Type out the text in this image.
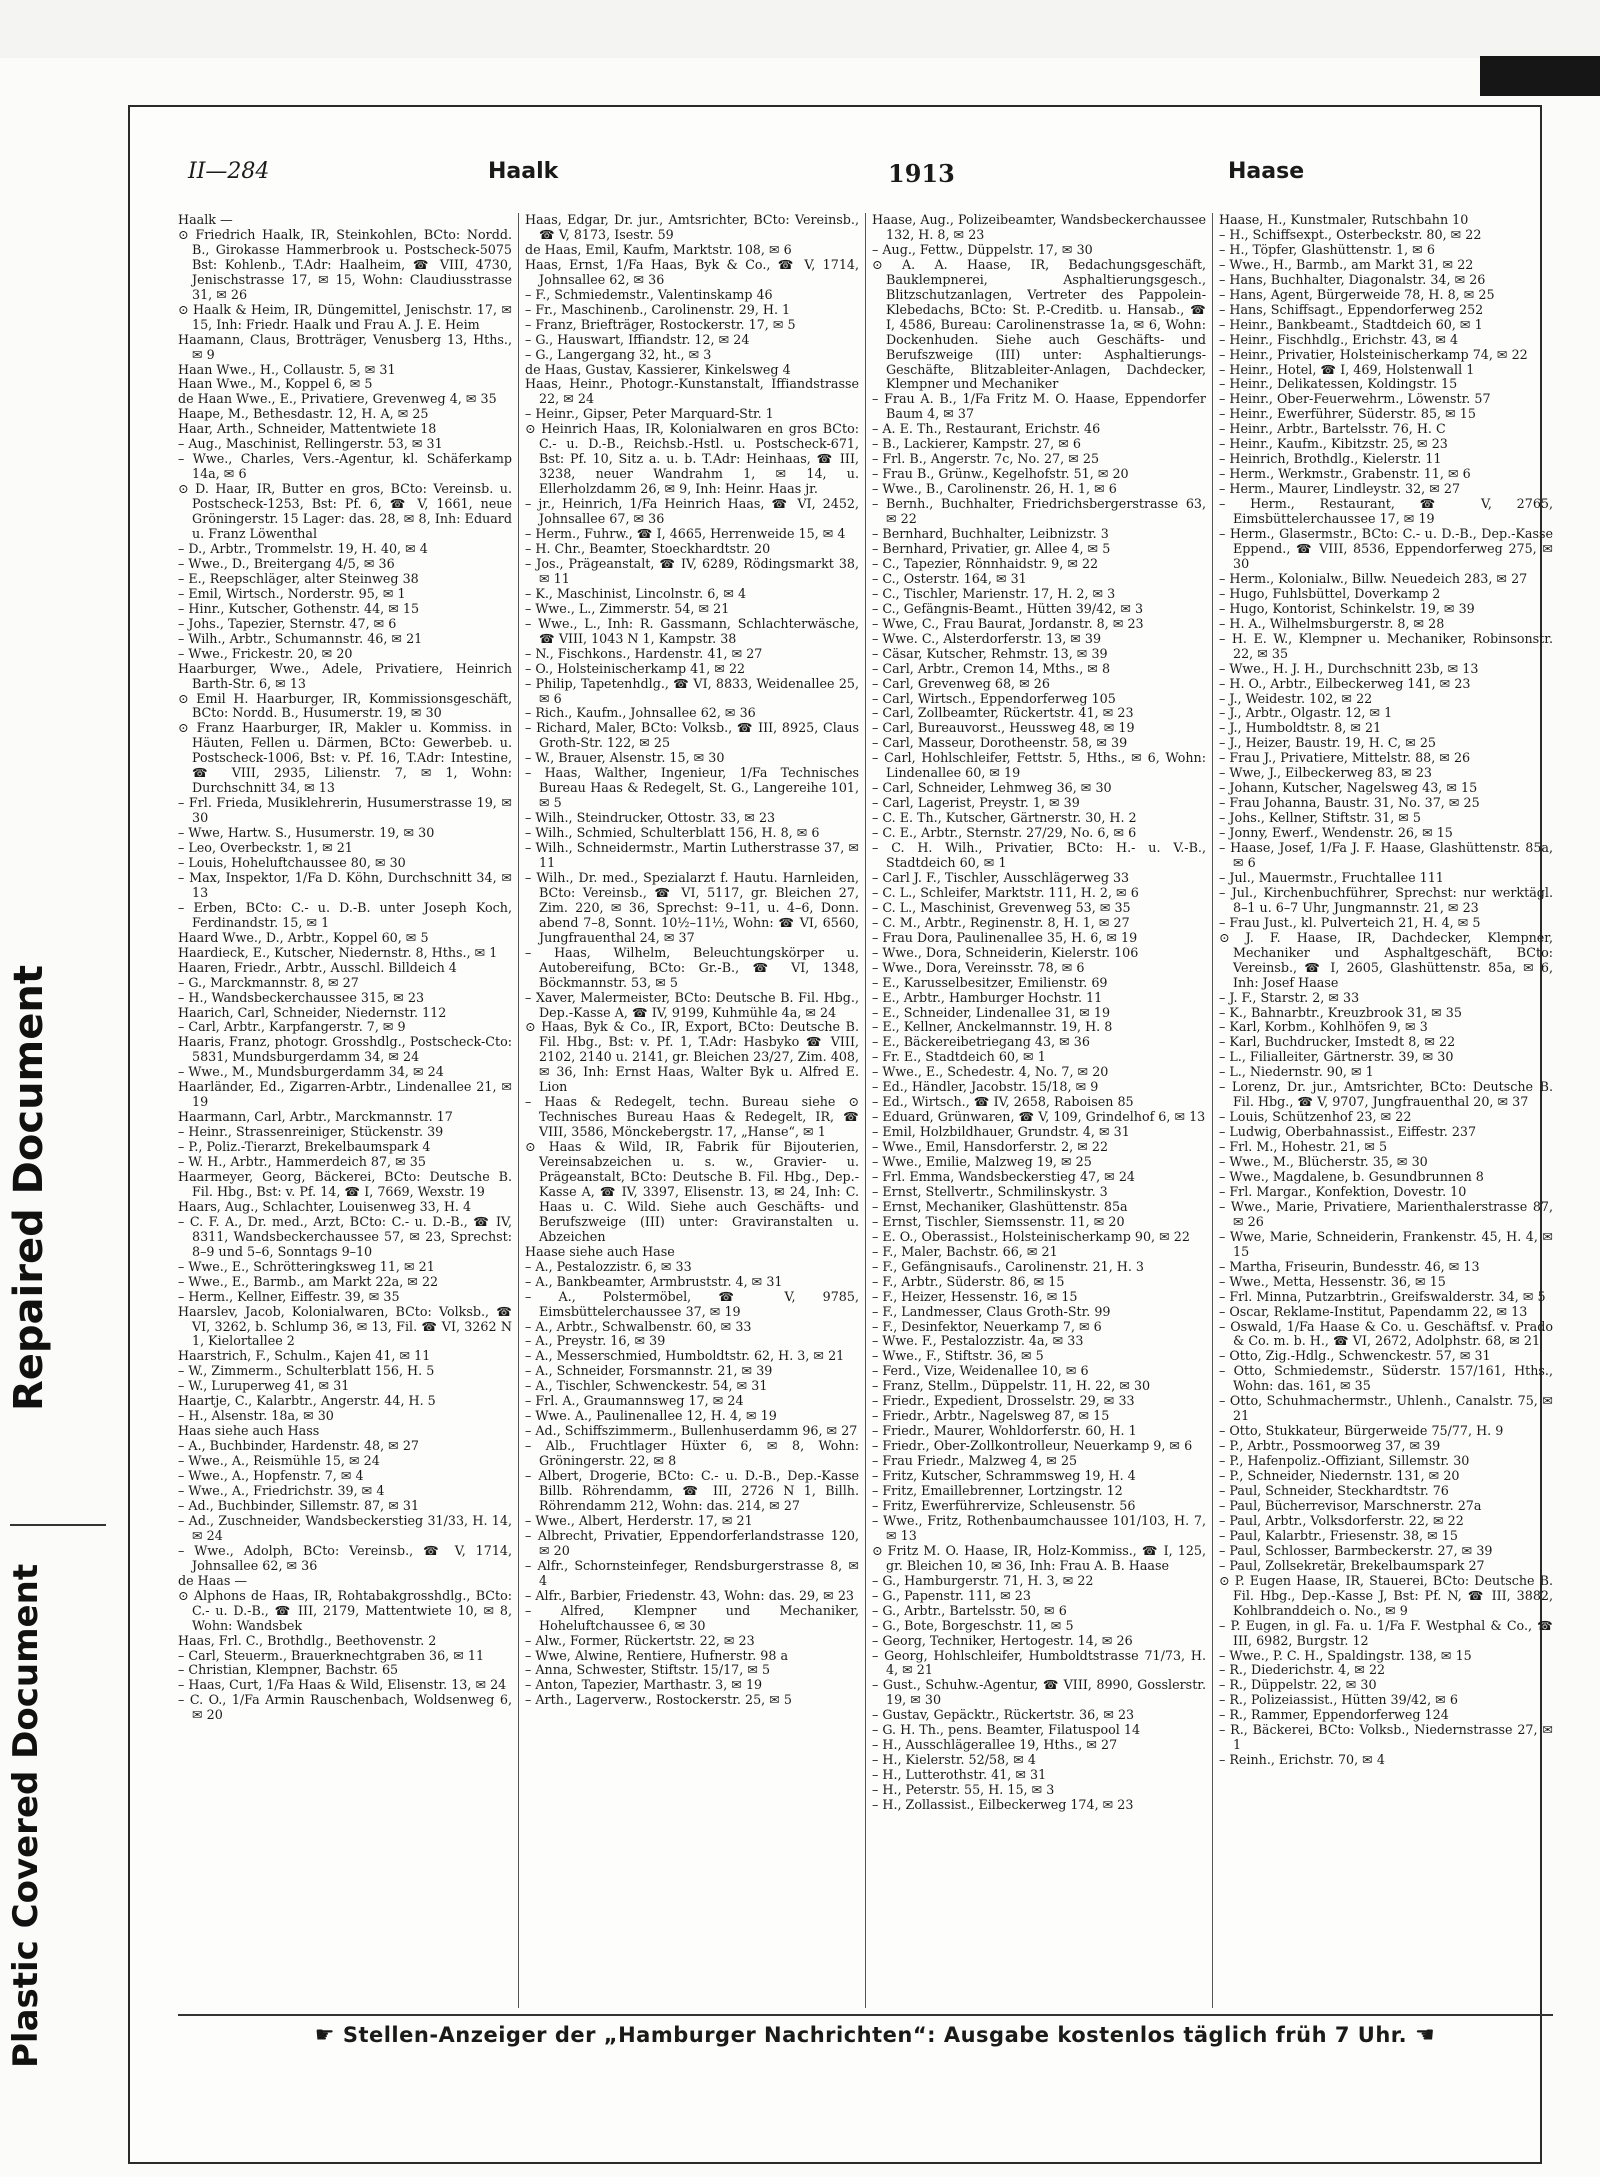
Repaired Document
Plastic Covered Document
II—284	Haalk	1913	Haase

Haalk —

⊙ Friedrich Haalk, IR, Steinkohlen, BCto: Nordd. B., Girokasse Hammerbrook u. Postscheck-5075 Bst: Kohlenb., T.Adr: Haalheim, ☎ VIII, 4730, Jenischstrasse 17, ✉ 15, Wohn: Claudiusstrasse 31, ✉ 26

⊙ Haalk & Heim, IR, Düngemittel, Jenischstr. 17, ✉ 15, Inh: Friedr. Haalk und Frau A. J. E. Heim

Haamann, Claus, Brotträger, Venusberg 13, Hths., ✉ 9

Haan Wwe., H., Collaustr. 5, ✉ 31

Haan Wwe., M., Koppel 6, ✉ 5

de Haan Wwe., E., Privatiere, Grevenweg 4, ✉ 35

Haape, M., Bethesdastr. 12, H. A, ✉ 25

Haar, Arth., Schneider, Mattentwiete 18

– Aug., Maschinist, Rellingerstr. 53, ✉ 31

– Wwe., Charles, Vers.-Agentur, kl. Schäferkamp 14a, ✉ 6

⊙ D. Haar, IR, Butter en gros, BCto: Vereinsb. u. Postscheck-1253, Bst: Pf. 6, ☎ V, 1661, neue Gröningerstr. 15 Lager: das. 28, ✉ 8, Inh: Eduard u. Franz Löwenthal

– D., Arbtr., Trommelstr. 19, H. 40, ✉ 4

– Wwe., D., Breitergang 4/5, ✉ 36

– E., Reepschläger, alter Steinweg 38

– Emil, Wirtsch., Norderstr. 95, ✉ 1

– Hinr., Kutscher, Gothenstr. 44, ✉ 15

– Johs., Tapezier, Sternstr. 47, ✉ 6

– Wilh., Arbtr., Schumannstr. 46, ✉ 21

– Wwe., Frickestr. 20, ✉ 20

Haarburger, Wwe., Adele, Privatiere, Heinrich Barth-Str. 6, ✉ 13

⊙ Emil H. Haarburger, IR, Kommissionsgeschäft, BCto: Nordd. B., Husumerstr. 19, ✉ 30

⊙ Franz Haarburger, IR, Makler u. Kommiss. in Häuten, Fellen u. Därmen, BCto: Gewerbeb. u. Postscheck-1006, Bst: v. Pf. 16, T.Adr: Intestine, ☎ VIII, 2935, Lilienstr. 7, ✉ 1, Wohn: Durchschnitt 34, ✉ 13

– Frl. Frieda, Musiklehrerin, Husumerstrasse 19, ✉ 30

– Wwe, Hartw. S., Husumerstr. 19, ✉ 30

– Leo, Overbeckstr. 1, ✉ 21

– Louis, Hoheluftchaussee 80, ✉ 30

– Max, Inspektor, 1/Fa D. Köhn, Durchschnitt 34, ✉ 13

– Erben, BCto: C.- u. D.-B. unter Joseph Koch, Ferdinandstr. 15, ✉ 1

Haard Wwe., D., Arbtr., Koppel 60, ✉ 5

Haardieck, E., Kutscher, Niedernstr. 8, Hths., ✉ 1

Haaren, Friedr., Arbtr., Ausschl. Billdeich 4

– G., Marckmannstr. 8, ✉ 27

– H., Wandsbeckerchaussee 315, ✉ 23

Haarich, Carl, Schneider, Niedernstr. 112

– Carl, Arbtr., Karpfangerstr. 7, ✉ 9

Haaris, Franz, photogr. Grosshdlg., Postscheck-Cto: 5831, Mundsburgerdamm 34, ✉ 24

– Wwe., M., Mundsburgerdamm 34, ✉ 24

Haarländer, Ed., Zigarren-Arbtr., Lindenallee 21, ✉ 19

Haarmann, Carl, Arbtr., Marckmannstr. 17

– Heinr., Strassenreiniger, Stückenstr. 39

– P., Poliz.-Tierarzt, Brekelbaumspark 4

– W. H., Arbtr., Hammerdeich 87, ✉ 35

Haarmeyer, Georg, Bäckerei, BCto: Deutsche B. Fil. Hbg., Bst: v. Pf. 14, ☎ I, 7669, Wexstr. 19

Haars, Aug., Schlachter, Louisenweg 33, H. 4

– C. F. A., Dr. med., Arzt, BCto: C.- u. D.-B., ☎ IV, 8311, Wandsbeckerchaussee 57, ✉ 23, Sprechst: 8–9 und 5–6, Sonntags 9–10

– Wwe., E., Schrötteringksweg 11, ✉ 21

– Wwe., E., Barmb., am Markt 22a, ✉ 22

– Herm., Kellner, Eiffestr. 39, ✉ 35

Haarslev, Jacob, Kolonialwaren, BCto: Volksb., ☎ VI, 3262, b. Schlump 36, ✉ 13, Fil. ☎ VI, 3262 N 1, Kielortallee 2

Haarstrich, F., Schulm., Kajen 41, ✉ 11

– W., Zimmerm., Schulterblatt 156, H. 5

– W., Luruperweg 41, ✉ 31

Haartje, C., Kalarbtr., Angerstr. 44, H. 5

– H., Alsenstr. 18a, ✉ 30

Haas siehe auch Hass

– A., Buchbinder, Hardenstr. 48, ✉ 27

– Wwe., A., Reismühle 15, ✉ 24

– Wwe., A., Hopfenstr. 7, ✉ 4

– Wwe., A., Friedrichstr. 39, ✉ 4

– Ad., Buchbinder, Sillemstr. 87, ✉ 31

– Ad., Zuschneider, Wandsbeckerstieg 31/33, H. 14, ✉ 24

– Wwe., Adolph, BCto: Vereinsb., ☎ V, 1714, Johnsallee 62, ✉ 36

de Haas —

⊙ Alphons de Haas, IR, Rohtabakgrosshdlg., BCto: C.- u. D.-B., ☎ III, 2179, Mattentwiete 10, ✉ 8, Wohn: Wandsbek

Haas, Frl. C., Brothdlg., Beethovenstr. 2

– Carl, Steuerm., Brauerknechtgraben 36, ✉ 11

– Christian, Klempner, Bachstr. 65

– Haas, Curt, 1/Fa Haas & Wild, Elisenstr. 13, ✉ 24

– C. O., 1/Fa Armin Rauschenbach, Woldsenweg 6, ✉ 20

Haas, Edgar, Dr. jur., Amtsrichter, BCto: Vereinsb., ☎ V, 8173, Isestr. 59

de Haas, Emil, Kaufm, Marktstr. 108, ✉ 6

Haas, Ernst, 1/Fa Haas, Byk & Co., ☎ V, 1714, Johnsallee 62, ✉ 36

– F., Schmiedemstr., Valentinskamp 46

– Fr., Maschinenb., Carolinenstr. 29, H. 1

– Franz, Briefträger, Rostockerstr. 17, ✉ 5

– G., Hauswart, Iffiandstr. 12, ✉ 24

– G., Langergang 32, ht., ✉ 3

de Haas, Gustav, Kassierer, Kinkelsweg 4

Haas, Heinr., Photogr.-Kunstanstalt, Iffiandstrasse 22, ✉ 24

– Heinr., Gipser, Peter Marquard-Str. 1

⊙ Heinrich Haas, IR, Kolonialwaren en gros BCto: C.- u. D.-B., Reichsb.-Hstl. u. Postscheck-671, Bst: Pf. 10, Sitz a. u. b. T.Adr: Heinhaas, ☎ III, 3238, neuer Wandrahm 1, ✉ 14, u. Ellerholzdamm 26, ✉ 9, Inh: Heinr. Haas jr.

– jr., Heinrich, 1/Fa Heinrich Haas, ☎ VI, 2452, Johnsallee 67, ✉ 36

– Herm., Fuhrw., ☎ I, 4665, Herrenweide 15, ✉ 4

– H. Chr., Beamter, Stoeckhardtstr. 20

– Jos., Prägeanstalt, ☎ IV, 6289, Rödingsmarkt 38, ✉ 11

– K., Maschinist, Lincolnstr. 6, ✉ 4

– Wwe., L., Zimmerstr. 54, ✉ 21

– Wwe., L., Inh: R. Gassmann, Schlachterwäsche, ☎ VIII, 1043 N 1, Kampstr. 38

– N., Fischkons., Hardenstr. 41, ✉ 27

– O., Holsteinischerkamp 41, ✉ 22

– Philip, Tapetenhdlg., ☎ VI, 8833, Weidenallee 25, ✉ 6

– Rich., Kaufm., Johnsallee 62, ✉ 36

– Richard, Maler, BCto: Volksb., ☎ III, 8925, Claus Groth-Str. 122, ✉ 25

– W., Brauer, Alsenstr. 15, ✉ 30

– Haas, Walther, Ingenieur, 1/Fa Technisches Bureau Haas & Redegelt, St. G., Langereihe 101, ✉ 5

– Wilh., Steindrucker, Ottostr. 33, ✉ 23

– Wilh., Schmied, Schulterblatt 156, H. 8, ✉ 6

– Wilh., Schneidermstr., Martin Lutherstrasse 37, ✉ 11

– Wilh., Dr. med., Spezialarzt f. Hautu. Harnleiden, BCto: Vereinsb., ☎ VI, 5117, gr. Bleichen 27, Zim. 220, ✉ 36, Sprechst: 9–11, u. 4–6, Donn. abend 7–8, Sonnt. 10½–11½, Wohn: ☎ VI, 6560, Jungfrauenthal 24, ✉ 37

– Haas, Wilhelm, Beleuchtungskörper u. Autobereifung, BCto: Gr.-B., ☎ VI, 1348, Böckmannstr. 53, ✉ 5

– Xaver, Malermeister, BCto: Deutsche B. Fil. Hbg., Dep.-Kasse A, ☎ IV, 9199, Kuhmühle 4a, ✉ 24

⊙ Haas, Byk & Co., IR, Export, BCto: Deutsche B. Fil. Hbg., Bst: v. Pf. 1, T.Adr: Hasbyko ☎ VIII, 2102, 2140 u. 2141, gr. Bleichen 23/27, Zim. 408, ✉ 36, Inh: Ernst Haas, Walter Byk u. Alfred E. Lion

– Haas & Redegelt, techn. Bureau siehe ⊙ Technisches Bureau Haas & Redegelt, IR, ☎ VIII, 3586, Mönckebergstr. 17, „Hanse“, ✉ 1

⊙ Haas & Wild, IR, Fabrik für Bijouterien, Vereinsabzeichen u. s. w., Gravier- u. Prägeanstalt, BCto: Deutsche B. Fil. Hbg., Dep.-Kasse A, ☎ IV, 3397, Elisenstr. 13, ✉ 24, Inh: C. Haas u. C. Wild. Siehe auch Geschäfts- und Berufszweige (III) unter: Graviranstalten u. Abzeichen

Haase siehe auch Hase

– A., Pestalozzistr. 6, ✉ 33

– A., Bankbeamter, Armbruststr. 4, ✉ 31

– A., Polstermöbel, ☎ V, 9785, Eimsbüttelerchaussee 37, ✉ 19

– A., Arbtr., Schwalbenstr. 60, ✉ 33

– A., Preystr. 16, ✉ 39

– A., Messerschmied, Humboldtstr. 62, H. 3, ✉ 21

– A., Schneider, Forsmannstr. 21, ✉ 39

– A., Tischler, Schwenckestr. 54, ✉ 31

– Frl. A., Graumannsweg 17, ✉ 24

– Wwe. A., Paulinenallee 12, H. 4, ✉ 19

– Ad., Schiffszimmerm., Bullenhuserdamm 96, ✉ 27

– Alb., Fruchtlager Hüxter 6, ✉ 8, Wohn: Gröningerstr. 22, ✉ 8

– Albert, Drogerie, BCto: C.- u. D.-B., Dep.-Kasse Billb. Röhrendamm, ☎ III, 2726 N 1, Billh. Röhrendamm 212, Wohn: das. 214, ✉ 27

– Wwe., Albert, Herderstr. 17, ✉ 21

– Albrecht, Privatier, Eppendorferlandstrasse 120, ✉ 20

– Alfr., Schornsteinfeger, Rendsburgerstrasse 8, ✉ 4

– Alfr., Barbier, Friedenstr. 43, Wohn: das. 29, ✉ 23

– Alfred, Klempner und Mechaniker, Hoheluftchaussee 6, ✉ 30

– Alw., Former, Rückertstr. 22, ✉ 23

– Wwe, Alwine, Rentiere, Hufnerstr. 98 a

– Anna, Schwester, Stiftstr. 15/17, ✉ 5

– Anton, Tapezier, Marthastr. 3, ✉ 19

– Arth., Lagerverw., Rostockerstr. 25, ✉ 5

Haase, Aug., Polizeibeamter, Wandsbeckerchaussee 132, H. 8, ✉ 23

– Aug., Fettw., Düppelstr. 17, ✉ 30

⊙ A. A. Haase, IR, Bedachungsgeschäft, Bauklempnerei, Asphaltierungsgesch., Blitzschutzanlagen, Vertreter des Pappolein-Klebedachs, BCto: St. P.-Creditb. u. Hansab., ☎ I, 4586, Bureau: Carolinenstrasse 1a, ✉ 6, Wohn: Dockenhuden. Siehe auch Geschäfts- und Berufszweige (III) unter: Asphaltierungs-Geschäfte, Blitzableiter-Anlagen, Dachdecker, Klempner und Mechaniker

– Frau A. B., 1/Fa Fritz M. O. Haase, Eppendorfer Baum 4, ✉ 37

– A. E. Th., Restaurant, Erichstr. 46

– B., Lackierer, Kampstr. 27, ✉ 6

– Frl. B., Angerstr. 7c, No. 27, ✉ 25

– Frau B., Grünw., Kegelhofstr. 51, ✉ 20

– Wwe., B., Carolinenstr. 26, H. 1, ✉ 6

– Bernh., Buchhalter, Friedrichsbergerstrasse 63, ✉ 22

– Bernhard, Buchhalter, Leibnizstr. 3

– Bernhard, Privatier, gr. Allee 4, ✉ 5

– C., Tapezier, Rönnhaidstr. 9, ✉ 22

– C., Osterstr. 164, ✉ 31

– C., Tischler, Marienstr. 17, H. 2, ✉ 3

– C., Gefängnis-Beamt., Hütten 39/42, ✉ 3

– Wwe, C., Frau Baurat, Jordanstr. 8, ✉ 23

– Wwe. C., Alsterdorferstr. 13, ✉ 39

– Cäsar, Kutscher, Rehmstr. 13, ✉ 39

– Carl, Arbtr., Cremon 14, Mths., ✉ 8

– Carl, Grevenweg 68, ✉ 26

– Carl, Wirtsch., Eppendorferweg 105

– Carl, Zollbeamter, Rückertstr. 41, ✉ 23

– Carl, Bureauvorst., Heussweg 48, ✉ 19

– Carl, Masseur, Dorotheenstr. 58, ✉ 39

– Carl, Hohlschleifer, Fettstr. 5, Hths., ✉ 6, Wohn: Lindenallee 60, ✉ 19

– Carl, Schneider, Lehmweg 36, ✉ 30

– Carl, Lagerist, Preystr. 1, ✉ 39

– C. E. Th., Kutscher, Gärtnerstr. 30, H. 2

– C. E., Arbtr., Sternstr. 27/29, No. 6, ✉ 6

– C. H. Wilh., Privatier, BCto: H.- u. V.-B., Stadtdeich 60, ✉ 1

– Carl J. F., Tischler, Ausschlägerweg 33

– C. L., Schleifer, Marktstr. 111, H. 2, ✉ 6

– C. L., Maschinist, Grevenweg 53, ✉ 35

– C. M., Arbtr., Reginenstr. 8, H. 1, ✉ 27

– Frau Dora, Paulinenallee 35, H. 6, ✉ 19

– Wwe., Dora, Schneiderin, Kielerstr. 106

– Wwe., Dora, Vereinsstr. 78, ✉ 6

– E., Karusselbesitzer, Emilienstr. 69

– E., Arbtr., Hamburger Hochstr. 11

– E., Schneider, Lindenallee 31, ✉ 19

– E., Kellner, Anckelmannstr. 19, H. 8

– E., Bäckereibetriegang 43, ✉ 36

– Fr. E., Stadtdeich 60, ✉ 1

– Wwe., E., Schedestr. 4, No. 7, ✉ 20

– Ed., Händler, Jacobstr. 15/18, ✉ 9

– Ed., Wirtsch., ☎ IV, 2658, Raboisen 85

– Eduard, Grünwaren, ☎ V, 109, Grindelhof 6, ✉ 13

– Emil, Holzbildhauer, Grundstr. 4, ✉ 31

– Wwe., Emil, Hansdorferstr. 2, ✉ 22

– Wwe., Emilie, Malzweg 19, ✉ 25

– Frl. Emma, Wandsbeckerstieg 47, ✉ 24

– Ernst, Stellvertr., Schmilinskystr. 3

– Ernst, Mechaniker, Glashüttenstr. 85a

– Ernst, Tischler, Siemssenstr. 11, ✉ 20

– E. O., Oberassist., Holsteinischerkamp 90, ✉ 22

– F., Maler, Bachstr. 66, ✉ 21

– F., Gefängnisaufs., Carolinenstr. 21, H. 3

– F., Arbtr., Süderstr. 86, ✉ 15

– F., Heizer, Hessenstr. 16, ✉ 15

– F., Landmesser, Claus Groth-Str. 99

– F., Desinfektor, Neuerkamp 7, ✉ 6

– Wwe. F., Pestalozzistr. 4a, ✉ 33

– Wwe., F., Stiftstr. 36, ✉ 5

– Ferd., Vize, Weidenallee 10, ✉ 6

– Franz, Stellm., Düppelstr. 11, H. 22, ✉ 30

– Friedr., Expedient, Drosselstr. 29, ✉ 33

– Friedr., Arbtr., Nagelsweg 87, ✉ 15

– Friedr., Maurer, Wohldorferstr. 60, H. 1

– Friedr., Ober-Zollkontrolleur, Neuerkamp 9, ✉ 6

– Frau Friedr., Malzweg 4, ✉ 25

– Fritz, Kutscher, Schrammsweg 19, H. 4

– Fritz, Emaillebrenner, Lortzingstr. 12

– Fritz, Ewerführervize, Schleusenstr. 56

– Wwe., Fritz, Rothenbaumchaussee 101/103, H. 7, ✉ 13

⊙ Fritz M. O. Haase, IR, Holz-Kommiss., ☎ I, 125, gr. Bleichen 10, ✉ 36, Inh: Frau A. B. Haase

– G., Hamburgerstr. 71, H. 3, ✉ 22

– G., Papenstr. 111, ✉ 23

– G., Arbtr., Bartelsstr. 50, ✉ 6

– G., Bote, Borgeschstr. 11, ✉ 5

– Georg, Techniker, Hertogestr. 14, ✉ 26

– Georg, Hohlschleifer, Humboldtstrasse 71/73, H. 4, ✉ 21

– Gust., Schuhw.-Agentur, ☎ VIII, 8990, Gosslerstr. 19, ✉ 30

– Gustav, Gepäcktr., Rückertstr. 36, ✉ 23

– G. H. Th., pens. Beamter, Filatuspool 14

– H., Ausschlägerallee 19, Hths., ✉ 27

– H., Kielerstr. 52/58, ✉ 4

– H., Lutterothstr. 41, ✉ 31

– H., Peterstr. 55, H. 15, ✉ 3

– H., Zollassist., Eilbeckerweg 174, ✉ 23

Haase, H., Kunstmaler, Rutschbahn 10

– H., Schiffsexpt., Osterbeckstr. 80, ✉ 22

– H., Töpfer, Glashüttenstr. 1, ✉ 6

– Wwe., H., Barmb., am Markt 31, ✉ 22

– Hans, Buchhalter, Diagonalstr. 34, ✉ 26

– Hans, Agent, Bürgerweide 78, H. 8, ✉ 25

– Hans, Schiffsagt., Eppendorferweg 252

– Heinr., Bankbeamt., Stadtdeich 60, ✉ 1

– Heinr., Fischhdlg., Erichstr. 43, ✉ 4

– Heinr., Privatier, Holsteinischerkamp 74, ✉ 22

– Heinr., Hotel, ☎ I, 469, Holstenwall 1

– Heinr., Delikatessen, Koldingstr. 15

– Heinr., Ober-Feuerwehrm., Löwenstr. 57

– Heinr., Ewerführer, Süderstr. 85, ✉ 15

– Heinr., Arbtr., Bartelsstr. 76, H. C

– Heinr., Kaufm., Kibitzstr. 25, ✉ 23

– Heinrich, Brothdlg., Kielerstr. 11

– Herm., Werkmstr., Grabenstr. 11, ✉ 6

– Herm., Maurer, Lindleystr. 32, ✉ 27

– Herm., Restaurant, ☎ V, 2765, Eimsbüttelerchaussee 17, ✉ 19

– Herm., Glasermstr., BCto: C.- u. D.-B., Dep.-Kasse Eppend., ☎ VIII, 8536, Eppendorferweg 275, ✉ 30

– Herm., Kolonialw., Billw. Neuedeich 283, ✉ 27

– Hugo, Fuhlsbüttel, Doverkamp 2

– Hugo, Kontorist, Schinkelstr. 19, ✉ 39

– H. A., Wilhelmsburgerstr. 8, ✉ 28

– H. E. W., Klempner u. Mechaniker, Robinsonstr. 22, ✉ 35

– Wwe., H. J. H., Durchschnitt 23b, ✉ 13

– H. O., Arbtr., Eilbeckerweg 141, ✉ 23

– J., Weidestr. 102, ✉ 22

– J., Arbtr., Olgastr. 12, ✉ 1

– J., Humboldtstr. 8, ✉ 21

– J., Heizer, Baustr. 19, H. C, ✉ 25

– Frau J., Privatiere, Mittelstr. 88, ✉ 26

– Wwe, J., Eilbeckerweg 83, ✉ 23

– Johann, Kutscher, Nagelsweg 43, ✉ 15

– Frau Johanna, Baustr. 31, No. 37, ✉ 25

– Johs., Kellner, Stiftstr. 31, ✉ 5

– Jonny, Ewerf., Wendenstr. 26, ✉ 15

– Haase, Josef, 1/Fa J. F. Haase, Glashüttenstr. 85a, ✉ 6

– Jul., Mauermstr., Fruchtallee 111

– Jul., Kirchenbuchführer, Sprechst: nur werktägl. 8–1 u. 6–7 Uhr, Jungmannstr. 21, ✉ 23

– Frau Just., kl. Pulverteich 21, H. 4, ✉ 5

⊙ J. F. Haase, IR, Dachdecker, Klempner, Mechaniker und Asphaltgeschäft, BCto: Vereinsb., ☎ I, 2605, Glashüttenstr. 85a, ✉ 6, Inh: Josef Haase

– J. F., Starstr. 2, ✉ 33

– K., Bahnarbtr., Kreuzbrook 31, ✉ 35

– Karl, Korbm., Kohlhöfen 9, ✉ 3

– Karl, Buchdrucker, Imstedt 8, ✉ 22

– L., Filialleiter, Gärtnerstr. 39, ✉ 30

– L., Niedernstr. 90, ✉ 1

– Lorenz, Dr. jur., Amtsrichter, BCto: Deutsche B. Fil. Hbg., ☎ V, 9707, Jungfrauenthal 20, ✉ 37

– Louis, Schützenhof 23, ✉ 22

– Ludwig, Oberbahnassist., Eiffestr. 237

– Frl. M., Hohestr. 21, ✉ 5

– Wwe., M., Blücherstr. 35, ✉ 30

– Wwe., Magdalene, b. Gesundbrunnen 8

– Frl. Margar., Konfektion, Dovestr. 10

– Wwe., Marie, Privatiere, Marienthalerstrasse 87, ✉ 26

– Wwe, Marie, Schneiderin, Frankenstr. 45, H. 4, ✉ 15

– Martha, Friseurin, Bundesstr. 46, ✉ 13

– Wwe., Metta, Hessenstr. 36, ✉ 15

– Frl. Minna, Putzarbtrin., Greifswalderstr. 34, ✉ 5

– Oscar, Reklame-Institut, Papendamm 22, ✉ 13

– Oswald, 1/Fa Haase & Co. u. Geschäftsf. v. Prado & Co. m. b. H., ☎ VI, 2672, Adolphstr. 68, ✉ 21

– Otto, Zig.-Hdlg., Schwenckestr. 57, ✉ 31

– Otto, Schmiedemstr., Süderstr. 157/161, Hths., Wohn: das. 161, ✉ 35

– Otto, Schuhmachermstr., Uhlenh., Canalstr. 75, ✉ 21

– Otto, Stukkateur, Bürgerweide 75/77, H. 9

– P., Arbtr., Possmoorweg 37, ✉ 39

– P., Hafenpoliz.-Offiziant, Sillemstr. 30

– P., Schneider, Niedernstr. 131, ✉ 20

– Paul, Schneider, Steckhardtstr. 76

– Paul, Bücherrevisor, Marschnerstr. 27a

– Paul, Arbtr., Volksdorferstr. 22, ✉ 22

– Paul, Kalarbtr., Friesenstr. 38, ✉ 15

– Paul, Schlosser, Barmbeckerstr. 27, ✉ 39

– Paul, Zollsekretär, Brekelbaumspark 27

⊙ P. Eugen Haase, IR, Stauerei, BCto: Deutsche B. Fil. Hbg., Dep.-Kasse J, Bst: Pf. N, ☎ III, 3882, Kohlbranddeich o. No., ✉ 9

– P. Eugen, in gl. Fa. u. 1/Fa F. Westphal & Co., ☎ III, 6982, Burgstr. 12

– Wwe., P. C. H., Spaldingstr. 138, ✉ 15

– R., Diederichstr. 4, ✉ 22

– R., Düppelstr. 22, ✉ 30

– R., Polizeiassist., Hütten 39/42, ✉ 6

– R., Rammer, Eppendorferweg 124

– R., Bäckerei, BCto: Volksb., Niedernstrasse 27, ✉ 1

– Reinh., Erichstr. 70, ✉ 4

☛ Stellen-Anzeiger der „Hamburger Nachrichten“: Ausgabe kostenlos täglich früh 7 Uhr. ☚
